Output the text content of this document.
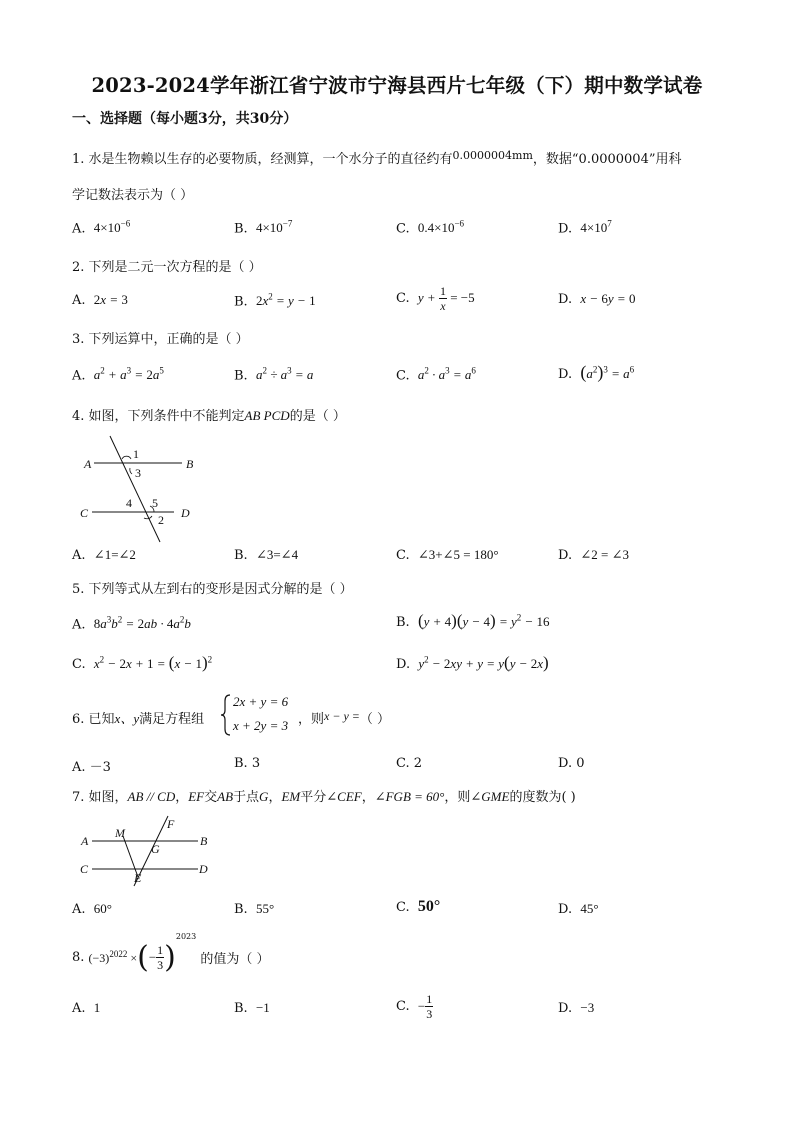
2023-2024学年浙江省宁波市宁海县西片七年级（下）期中数学试卷
一、选择题（每小题3分，共30分）
1. 水是生物赖以生存的必要物质，经测算，一个水分子的直径约有$^{0.0000004mm}$，数据“0.0000004”用科
学记数法表示为（ ）
A. $4\times 10^{-6}$	B. $4\times 10^{-7}$	C. $0.4\times 10^{-6}$	D. $4\times 10^7$
2. 下列是二元一次方程的是（ ）
A.  2x = 3	B.  $2x^2 = y - 1$	C.  $y + \frac{1}{x} = -5$	D.  x − 6y = 0
3. 下列运算中，正确的是（ ）
A.  $a^2 + a^3 = 2a^5$	B.  $a^2 \div a^3 = a$	C.  $a^2 \cdot a^3 = a^6$	D.  $(a^2)^3 = a^6$
4. 如图，下列条件中不能判定AB PCD的是（ ）
A	B
C	D
1
3
4 5
2
A.  ∠1=∠2	B.  ∠3=∠4	C.  ∠3+∠5 = 180°	D.  ∠2 = ∠3
5. 下列等式从左到右的变形是因式分解的是（ ）
A.  $8a^3b^2 = 2ab \cdot 4a^2b$	B.  $(y + 4)(y - 4) = y^2 - 16$
C.  $x^2 - 2x + 1 = (x - 1)^2$	D.  $y^2 - 2xy + y = y(y - 2x)$
6. 已知x、y满足方程组
2x + y = 6
x + 2y = 3 ，则x − y =（ ）
A. －3	B. 3	C. 2	D. 0
7. 如图，AB // CD，EF交AB于点G，EM平分∠CEF，∠FGB = 60°，则∠GME的度数为( )
A
M
F
G
B
C
E
D
A. 60°	B. 55°	C. 50°	D. 45°
8. $(-3)^{2022}$ ×(− $\frac{1}{3} )^{2023}$ 的值为（ ）
A. 1	B. −1	C. − $\frac{1}{3}$	D. −3
